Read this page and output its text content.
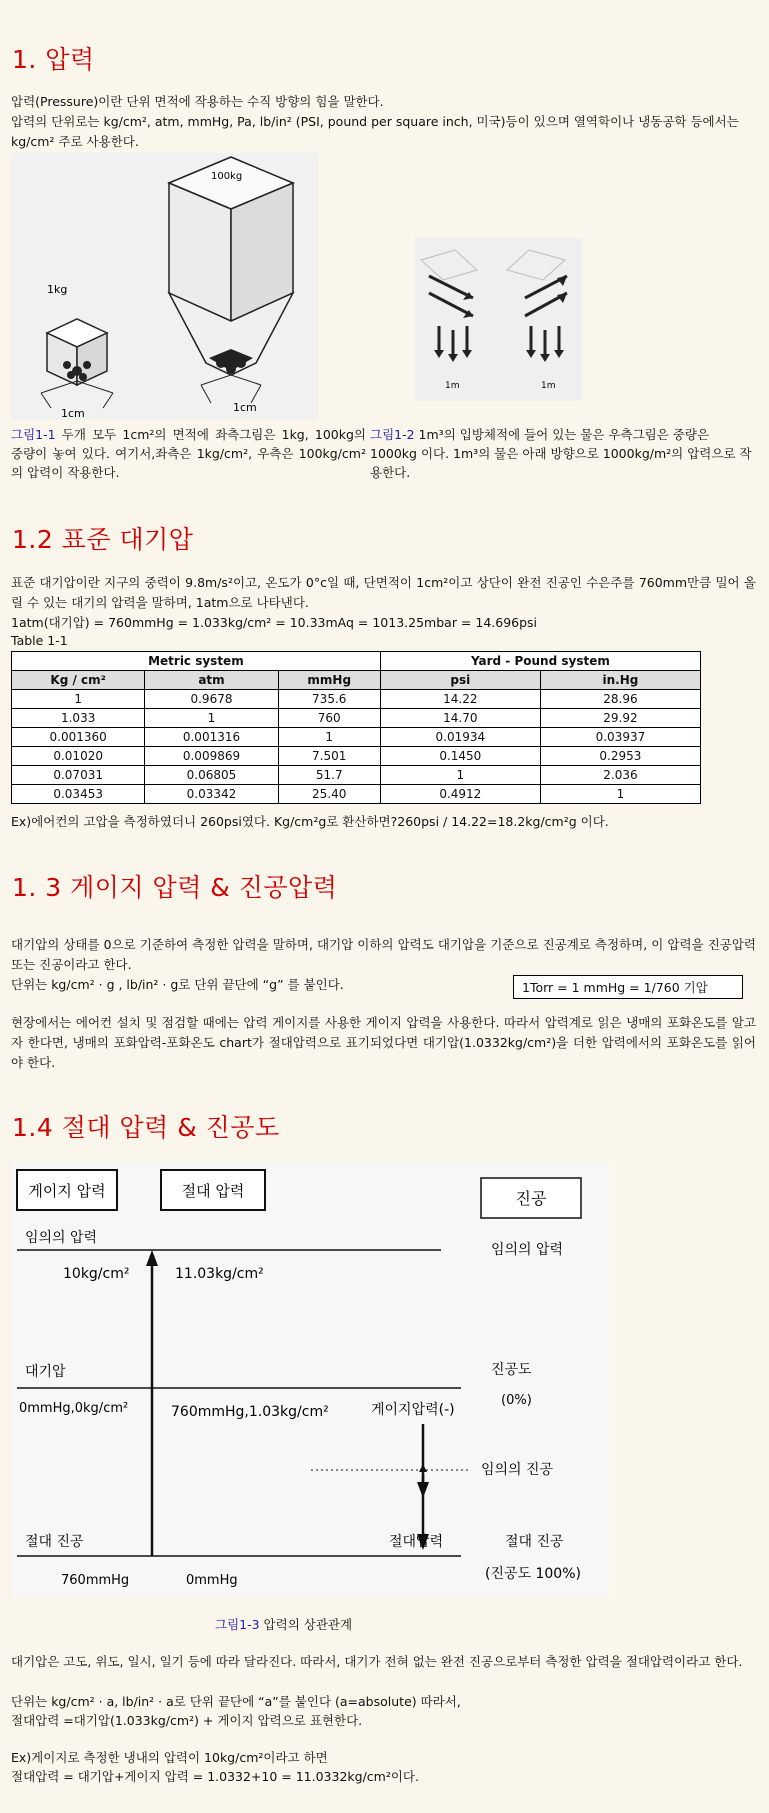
1. 압력

압력(Pressure)이란 단위 면적에 작용하는 수직 방향의 힘을 말한다.

압력의 단위로는 kg/cm², atm, mmHg, Pa, lb/in² (PSI, pound per square inch, 미국)등이 있으며 열역학이나 냉동공학 등에서는 kg/cm² 주로 사용한다.

1kg
1cm
100kg
1cm
1m	1m
그림1-1 두개 모두 1cm²의 면적에 좌측그림은 1kg, 100kg의 중량이 놓여 있다. 여기서,좌측은 1kg/cm², 우측은 100kg/cm²의 압력이 작용한다.
그림1-2 1m³의 입방체적에 들어 있는 물은 우측그림은 중량은 1000kg 이다. 1m³의 물은 아래 방향으로 1000kg/m²의 압력으로 작용한다.
1.2 표준 대기압

표준 대기압이란 지구의 중력이 9.8m/s²이고, 온도가 0°c일 때, 단면적이 1cm²이고 상단이 완전 진공인 수은주를 760mm만큼 밀어 올릴 수 있는 대기의 압력을 말하며, 1atm으로 나타낸다.

1atm(대기압) = 760mmHg = 1.033kg/cm² = 10.33mAq = 1013.25mbar = 14.696psi

Table 1-1

Metric system			Yard - Pound system	
Kg / cm²	atm	mmHg	psi	in.Hg
1	0.9678	735.6	14.22	28.96
1.033	1	760	14.70	29.92
0.001360	0.001316	1	0.01934	0.03937
0.01020	0.009869	7.501	0.1450	0.2953
0.07031	0.06805	51.7	1	2.036
0.03453	0.03342	25.40	0.4912	1

Ex)에어컨의 고압을 측정하였더니 260psi였다. Kg/cm²g로 환산하면?260psi / 14.22=18.2kg/cm²g 이다.

1. 3 게이지 압력 & 진공압력

대기압의 상태를 0으로 기준하여 측정한 압력을 말하며, 대기압 이하의 압력도 대기압을 기준으로 진공계로 측정하며, 이 압력을 진공압력 또는 진공이라고 한다.

단위는 kg/cm² · g , lb/in² · g로 단위 끝단에 “g” 를 붙인다.	1Torr = 1 mmHg = 1/760 기압

현장에서는 에어컨 설치 및 점검할 때에는 압력 게이지를 사용한 게이지 압력을 사용한다. 따라서 압력계로 읽은 냉매의 포화온도를 알고자 한다면, 냉매의 포화압력-포화온도 chart가 절대압력으로 표기되었다면 대기압(1.0332kg/cm²)을 더한 압력에서의 포화온도를 읽어야 한다.

1.4 절대 압력 & 진공도
게이지 압력	절대 압력	진공
임의의 압력
임의의 압력
10kg/cm²	11.03kg/cm²
대기압	진공도
(0%)
0mmHg,0kg/cm²	760mmHg,1.03kg/cm²	게이지압력(-)
임의의 진공
절대 진공	절대압력	절대 진공
760mmHg	0mmHg	(진공도 100%)
그림1-3 압력의 상관관계

대기압은 고도, 위도, 일시, 일기 등에 따라 달라진다. 따라서, 대기가 전혀 없는 완전 진공으로부터 측정한 압력을 절대압력이라고 한다.

단위는 kg/cm² · a, lb/in² · a로 단위 끝단에 “a”를 붙인다 (a=absolute) 따라서,

절대압력 =대기압(1.033kg/cm²) + 게이지 압력으로 표현한다.

Ex)게이지로 측정한 냉내의 압력이 10kg/cm²이라고 하면

절대압력 = 대기압+게이지 압력 = 1.0332+10 = 11.0332kg/cm²이다.
